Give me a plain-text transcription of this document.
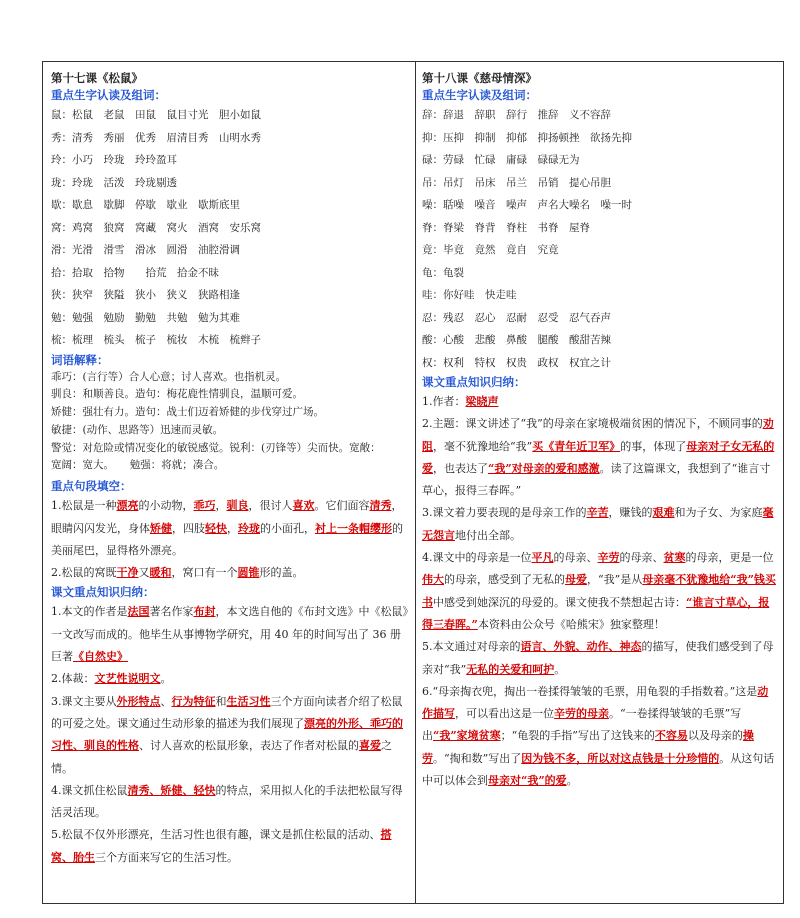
第十七课《松鼠》
重点生字认读及组词：
鼠：松鼠　老鼠　田鼠　鼠目寸光　胆小如鼠
秀：清秀　秀丽　优秀　眉清目秀　山明水秀
玲：小巧　玲珑　玲玲盈耳
珑：玲珑　活泼　玲珑剔透
歇：歇息　歇脚　停歇　歇业　歇斯底里
窝：鸡窝　狼窝　窝藏　窝火　酒窝　安乐窝
滑：光滑　滑雪　滑冰　圆滑　油腔滑调
拾：拾取　拾物　　拾荒　拾金不昧
狭：狭窄　狭隘　狭小　狭义　狭路相逢
勉：勉强　勉励　勤勉　共勉　勉为其难
梳：梳理　梳头　梳子　梳妆　木梳　梳辫子
词语解释：
乖巧：(言行等）合人心意；讨人喜欢。也指机灵。
驯良：和顺善良。造句：梅花鹿性情驯良，温顺可爱。
矫健：强壮有力。造句：战士们迈着矫健的步伐穿过广场。
敏捷：(动作、思路等）迅速而灵敏。
警觉：对危险或情况变化的敏锐感觉。锐利：(刃锋等）尖而快。宽敞：
宽阔：宽大。　　勉强：将就；凑合。
重点句段填空：

1.松鼠是一种漂亮的小动物，乖巧，驯良，很讨人喜欢。它们面容清秀，眼睛闪闪发光，身体矫健，四肢轻快，玲珑的小面孔，衬上一条帽缨形的美丽尾巴，显得格外漂亮。

2.松鼠的窝既干净又暖和，窝口有一个圆锥形的盖。

课文重点知识归纳：

1.本文的作者是法国著名作家布封，本文选自他的《布封文选》中《松鼠》一文改写而成的。他毕生从事博物学研究，用 40 年的时间写出了 36 册巨著《自然史》

2.体裁：文艺性说明文。

3.课文主要从外形特点、行为特征和生活习性三个方面向读者介绍了松鼠的可爱之处。课文通过生动形象的描述为我们展现了漂亮的外形、乖巧的习性、驯良的性格、讨人喜欢的松鼠形象，表达了作者对松鼠的喜爱之情。

4.课文抓住松鼠清秀、矫健、轻快的特点，采用拟人化的手法把松鼠写得活灵活现。

5.松鼠不仅外形漂亮，生活习性也很有趣，课文是抓住松鼠的活动、搭窝、胎生三个方面来写它的生活习性。

第十八课《慈母情深》
重点生字认读及组词：
辞：辞退　辞职　辞行　推辞　义不容辞
抑：压抑　抑制　抑郁　抑扬顿挫　欲扬先抑
碌：劳碌　忙碌　庸碌　碌碌无为
吊：吊灯　吊床　吊兰　吊销　提心吊胆
噪：聒噪　噪音　噪声　声名大噪名　噪一时
脊：脊梁　脊背　脊柱　书脊　屋脊
竟：毕竟　竟然　竟自　究竟
龟：龟裂
哇：你好哇　快走哇
忍：残忍　忍心　忍耐　忍受　忍气吞声
酸：心酸　悲酸　鼻酸　腿酸　酸甜苦辣
权：权利　特权　权贵　政权　权宜之计
课文重点知识归纳：

1.作者：梁晓声

2.主题：课文讲述了“我”的母亲在家境极端贫困的情况下，不顾同事的劝阻，毫不犹豫地给“我”买《青年近卫军》的事，体现了母亲对子女无私的爱，也表达了“我”对母亲的爱和感激。读了这篇课文，我想到了“谁言寸草心，报得三春晖。”

3.课文着力要表现的是母亲工作的辛苦，赚钱的艰难和为子女、为家庭毫无怨言地付出全部。

4.课文中的母亲是一位平凡的母亲、辛劳的母亲、贫寒的母亲，更是一位伟大的母亲，感受到了无私的母爱，“我”是从母亲毫不犹豫地给“我”钱买书中感受到她深沉的母爱的。课文使我不禁想起古诗：“谁言寸草心，报得三春晖。”本资料由公众号《哈熊宋》独家整理！

5.本文通过对母亲的语言、外貌、动作、神态的描写，使我们感受到了母亲对“我”无私的关爱和呵护。

6.“母亲掏衣兜，掏出一卷揉得皱皱的毛票，用龟裂的手指数着。”这是动作描写，可以看出这是一位辛劳的母亲。“一卷揉得皱皱的毛票”写出“我”家境贫寒；“龟裂的手指”写出了这钱来的不容易以及母亲的操劳。“掏和数”写出了因为钱不多，所以对这点钱是十分珍惜的。从这句话中可以体会到母亲对“我”的爱。
